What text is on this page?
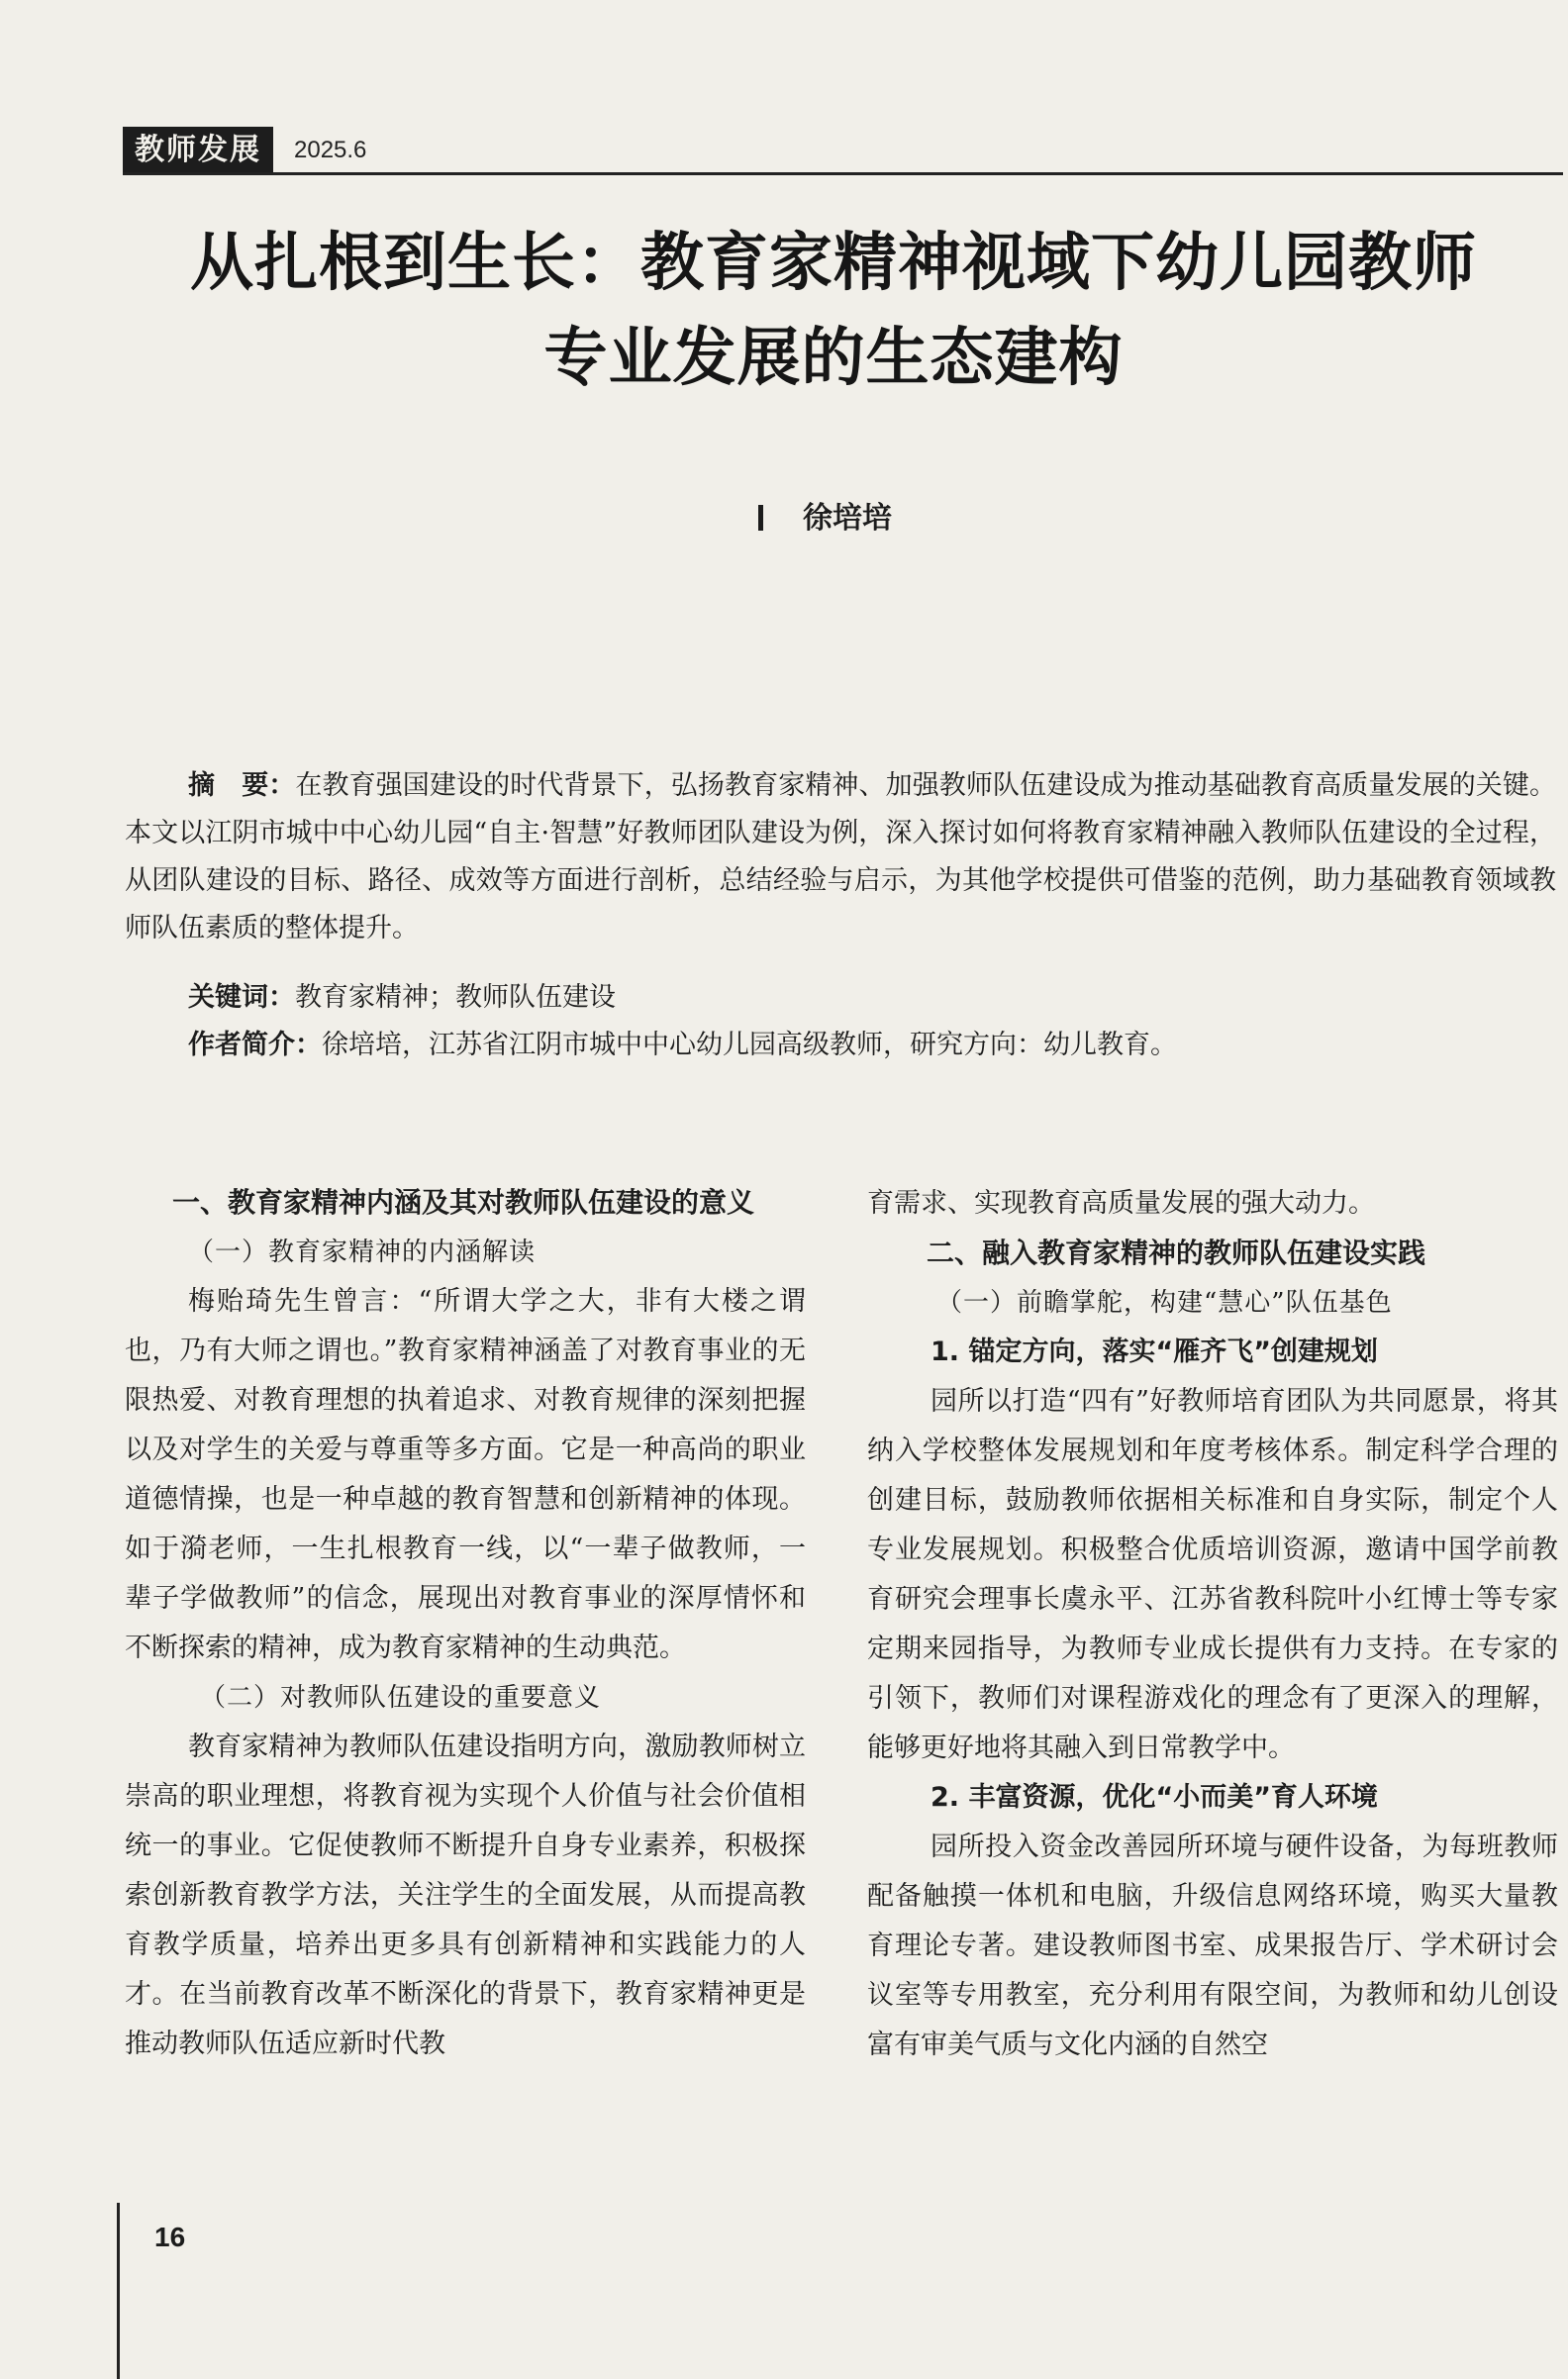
教师发展	2025.6
从扎根到生长：教育家精神视域下幼儿园教师
专业发展的生态建构
徐培培

摘　要：在教育强国建设的时代背景下，弘扬教育家精神、加强教师队伍建设成为推动基础教育高质量发展的关键。本文以江阴市城中中心幼儿园“自主·智慧”好教师团队建设为例，深入探讨如何将教育家精神融入教师队伍建设的全过程，从团队建设的目标、路径、成效等方面进行剖析，总结经验与启示，为其他学校提供可借鉴的范例，助力基础教育领域教师队伍素质的整体提升。

关键词：教育家精神；教师队伍建设
作者简介：徐培培，江苏省江阴市城中中心幼儿园高级教师，研究方向：幼儿教育。

一、教育家精神内涵及其对教师队伍建设的意义

（一）教育家精神的内涵解读

梅贻琦先生曾言：“所谓大学之大，非有大楼之谓也，乃有大师之谓也。”教育家精神涵盖了对教育事业的无限热爱、对教育理想的执着追求、对教育规律的深刻把握以及对学生的关爱与尊重等多方面。它是一种高尚的职业道德情操，也是一种卓越的教育智慧和创新精神的体现。如于漪老师，一生扎根教育一线，以“一辈子做教师，一辈子学做教师”的信念，展现出对教育事业的深厚情怀和不断探索的精神，成为教育家精神的生动典范。

（二）对教师队伍建设的重要意义

教育家精神为教师队伍建设指明方向，激励教师树立崇高的职业理想，将教育视为实现个人价值与社会价值相统一的事业。它促使教师不断提升自身专业素养，积极探索创新教育教学方法，关注学生的全面发展，从而提高教育教学质量，培养出更多具有创新精神和实践能力的人才。在当前教育改革不断深化的背景下，教育家精神更是推动教师队伍适应新时代教

育需求、实现教育高质量发展的强大动力。

二、融入教育家精神的教师队伍建设实践

（一）前瞻掌舵，构建“慧心”队伍基色

1. 锚定方向，落实“雁齐飞”创建规划

园所以打造“四有”好教师培育团队为共同愿景，将其纳入学校整体发展规划和年度考核体系。制定科学合理的创建目标，鼓励教师依据相关标准和自身实际，制定个人专业发展规划。积极整合优质培训资源，邀请中国学前教育研究会理事长虞永平、江苏省教科院叶小红博士等专家定期来园指导，为教师专业成长提供有力支持。在专家的引领下，教师们对课程游戏化的理念有了更深入的理解，能够更好地将其融入到日常教学中。

2. 丰富资源，优化“小而美”育人环境

园所投入资金改善园所环境与硬件设备，为每班教师配备触摸一体机和电脑，升级信息网络环境，购买大量教育理论专著。建设教师图书室、成果报告厅、学术研讨会议室等专用教室，充分利用有限空间，为教师和幼儿创设富有审美气质与文化内涵的自然空

16
